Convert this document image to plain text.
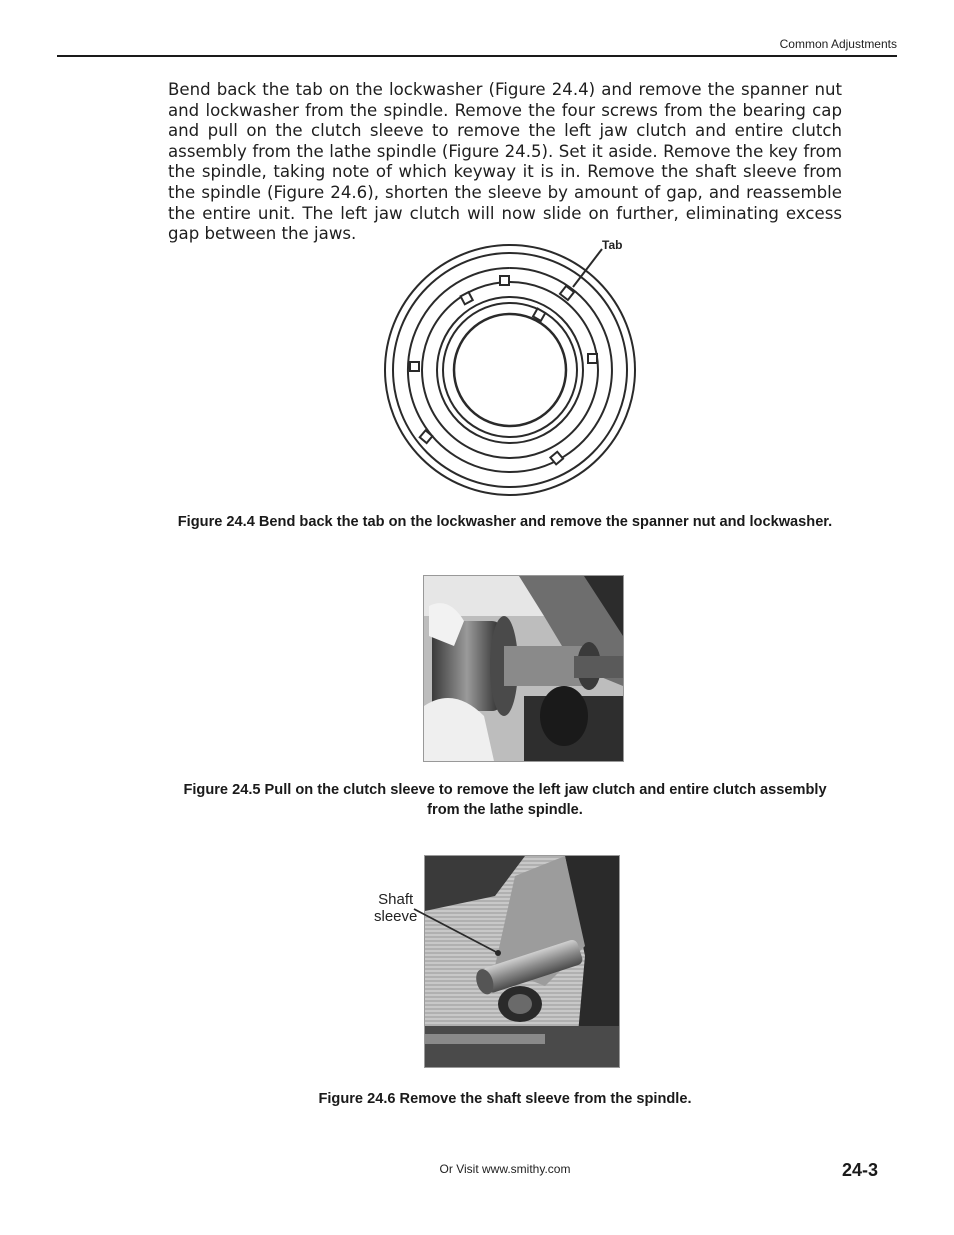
Common Adjustments

Bend back the tab on the lockwasher (Figure 24.4) and remove the spanner nut and lockwasher from the spindle. Remove the four screws from the bearing cap and pull on the clutch sleeve to remove the left jaw clutch and entire clutch assembly from the lathe spindle (Figure 24.5). Set it aside. Remove the key from the spindle, taking note of which keyway it is in. Remove the shaft sleeve from the spindle (Figure 24.6), shorten the sleeve by amount of gap, and reassemble the entire unit. The left jaw clutch will now slide on further, eliminating excess gap between the jaws.

Tab

Figure 24.4 Bend back the tab on the lockwasher and remove the spanner nut and lockwasher.

Figure 24.5 Pull on the clutch sleeve to remove the left jaw clutch and entire clutch assembly

from the lathe spindle.

Shaft
sleeve

Figure 24.6 Remove the shaft sleeve from the spindle.

Or Visit www.smithy.com	24-3
